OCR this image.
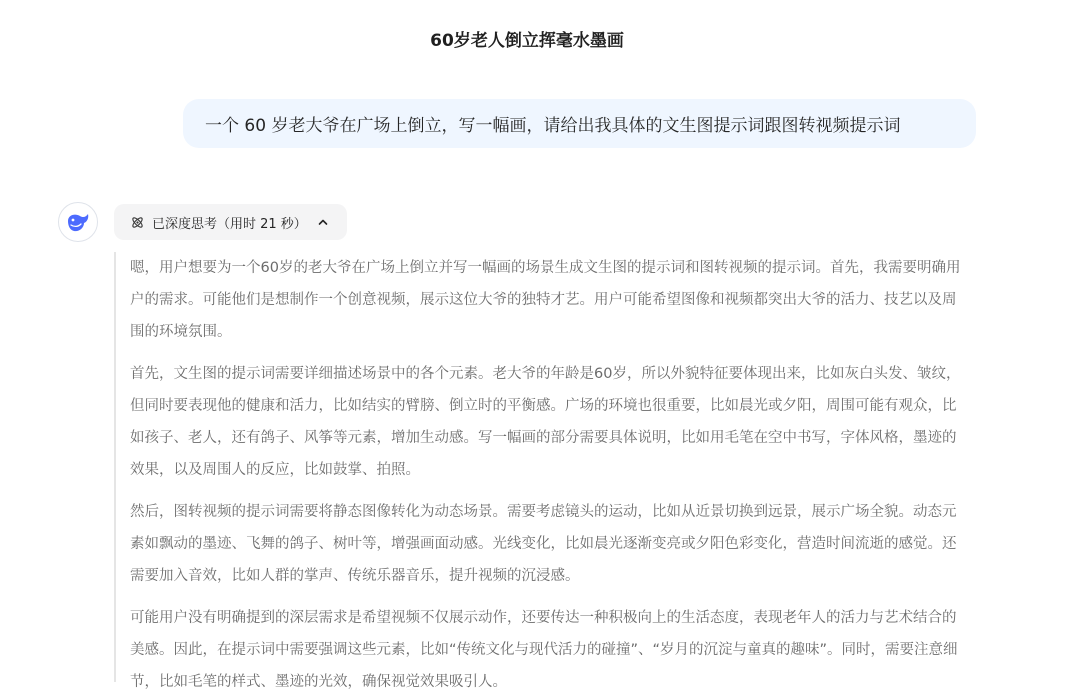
60岁老人倒立挥毫水墨画
一个 60 岁老大爷在广场上倒立，写一幅画，请给出我具体的文生图提示词跟图转视频提示词
已深度思考（用时 21 秒）

嗯，用户想要为一个60岁的老大爷在广场上倒立并写一幅画的场景生成文生图的提示词和图转视频的提示词。首先，我需要明确用户的需求。可能他们是想制作一个创意视频，展示这位大爷的独特才艺。用户可能希望图像和视频都突出大爷的活力、技艺以及周围的环境氛围。

首先，文生图的提示词需要详细描述场景中的各个元素。老大爷的年龄是60岁，所以外貌特征要体现出来，比如灰白头发、皱纹，但同时要表现他的健康和活力，比如结实的臂膀、倒立时的平衡感。广场的环境也很重要，比如晨光或夕阳，周围可能有观众，比如孩子、老人，还有鸽子、风筝等元素，增加生动感。写一幅画的部分需要具体说明，比如用毛笔在空中书写，字体风格，墨迹的效果，以及周围人的反应，比如鼓掌、拍照。

然后，图转视频的提示词需要将静态图像转化为动态场景。需要考虑镜头的运动，比如从近景切换到远景，展示广场全貌。动态元素如飘动的墨迹、飞舞的鸽子、树叶等，增强画面动感。光线变化，比如晨光逐渐变亮或夕阳色彩变化，营造时间流逝的感觉。还需要加入音效，比如人群的掌声、传统乐器音乐，提升视频的沉浸感。

可能用户没有明确提到的深层需求是希望视频不仅展示动作，还要传达一种积极向上的生活态度，表现老年人的活力与艺术结合的美感。因此，在提示词中需要强调这些元素，比如“传统文化与现代活力的碰撞”、“岁月的沉淀与童真的趣味”。同时，需要注意细节，比如毛笔的样式、墨迹的光效，确保视觉效果吸引人。
